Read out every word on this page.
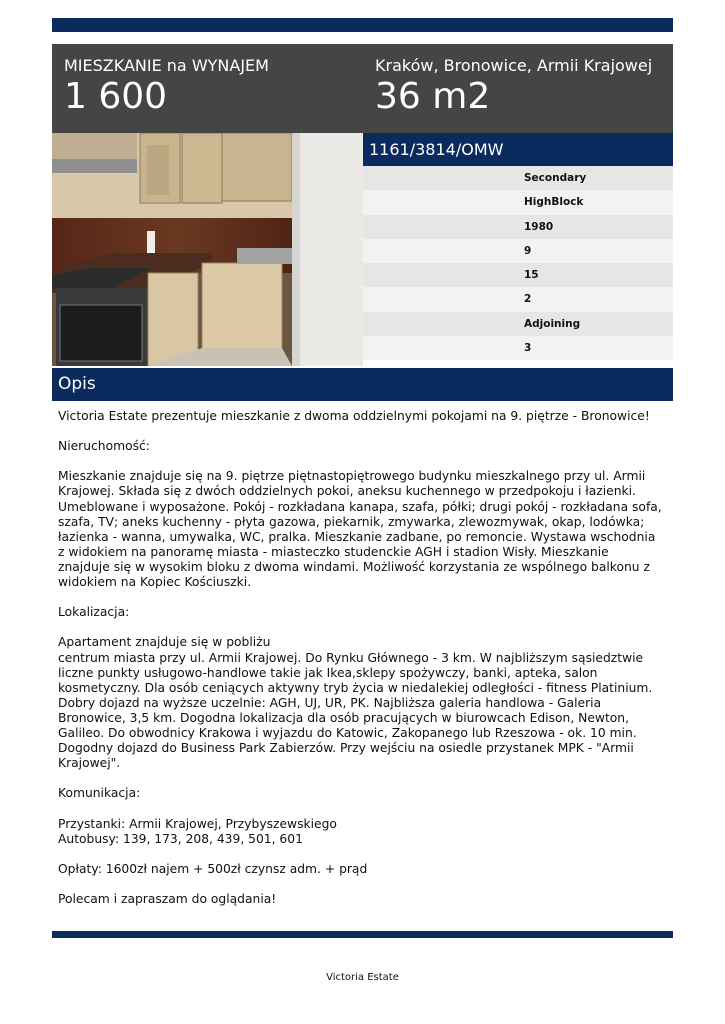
MIESZKANIE na WYNAJEM
1 600
Kraków, Bronowice, Armii Krajowej
36 m2
1161/3814/OMW
Secondary
HighBlock
1980
9
15
2
Adjoining
3
Opis

Victoria Estate prezentuje mieszkanie z dwoma oddzielnymi pokojami na 9. piętrze - Bronowice!

Nieruchomość:

Mieszkanie znajduje się na 9. piętrze piętnastopiętrowego budynku mieszkalnego przy ul. Armii Krajowej. Składa się z dwóch oddzielnych pokoi, aneksu kuchennego w przedpokoju i łazienki. Umeblowane i wyposażone. Pokój - rozkładana kanapa, szafa, półki; drugi pokój - rozkładana sofa, szafa, TV; aneks kuchenny - płyta gazowa, piekarnik, zmywarka, zlewozmywak, okap, lodówka; łazienka - wanna, umywalka, WC, pralka. Mieszkanie zadbane, po remoncie. Wystawa wschodnia z widokiem na panoramę miasta - miasteczko studenckie AGH i stadion Wisły. Mieszkanie znajduje się w wysokim bloku z dwoma windami. Możliwość korzystania ze wspólnego balkonu z widokiem na Kopiec Kościuszki.

Lokalizacja:

Apartament znajduje się w pobliżu
centrum miasta przy ul. Armii Krajowej. Do Rynku Głównego - 3 km. W najbliższym sąsiedztwie liczne punkty usługowo-handlowe takie jak Ikea,sklepy spożywczy, banki, apteka, salon kosmetyczny. Dla osób ceniących aktywny tryb życia w niedalekiej odległości - fitness Platinium. Dobry dojazd na wyższe uczelnie: AGH, UJ, UR, PK. Najbliższa galeria handlowa - Galeria Bronowice, 3,5 km. Dogodna lokalizacja dla osób pracujących w biurowcach Edison, Newton, Galileo. Do obwodnicy Krakowa i wyjazdu do Katowic, Zakopanego lub Rzeszowa - ok. 10 min. Dogodny dojazd do Business Park Zabierzów. Przy wejściu na osiedle przystanek MPK - "Armii Krajowej".

Komunikacja:

Przystanki: Armii Krajowej, Przybyszewskiego
Autobusy: 139, 173, 208, 439, 501, 601

Opłaty: 1600zł najem + 500zł czynsz adm. + prąd

Polecam i zapraszam do oglądania!

Victoria Estate
